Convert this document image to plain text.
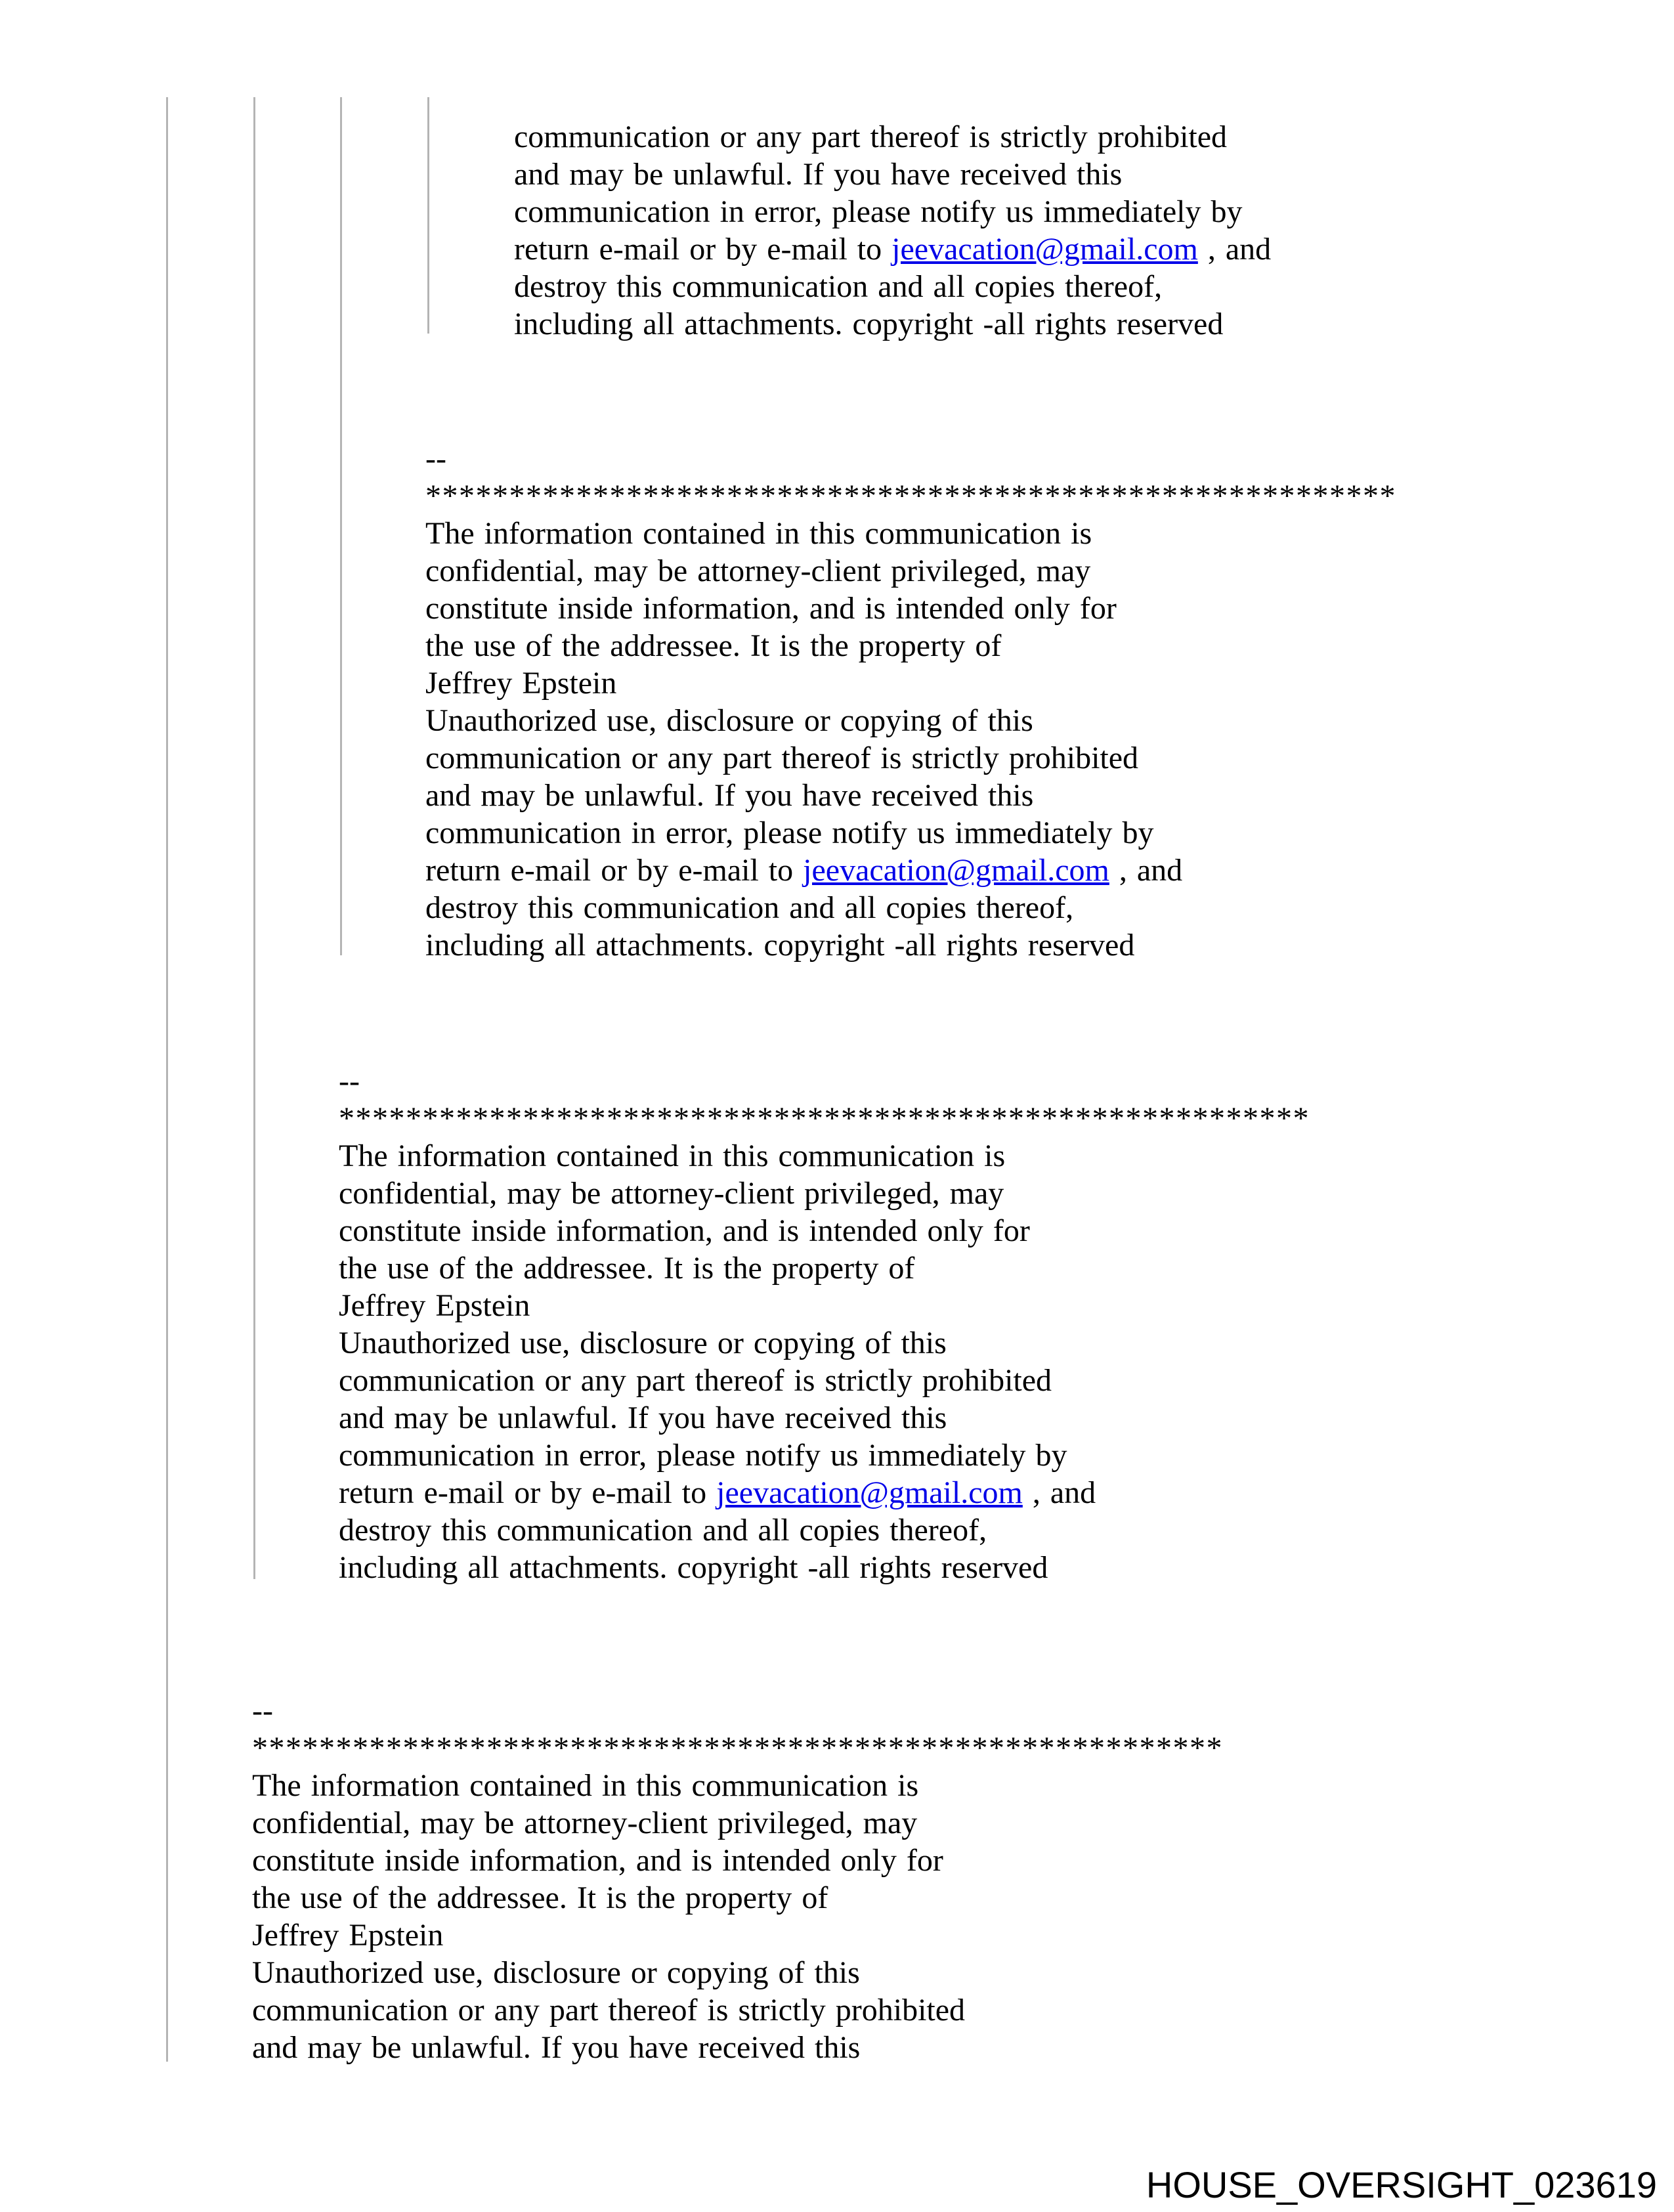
communication or any part thereof is strictly prohibited
and may be unlawful. If you have received this
communication in error, please notify us immediately by
return e-mail or by e-mail to jeevacation@gmail.com , and
destroy this communication and all copies thereof,
including all attachments. copyright -all rights reserved
--
**********************************************************
The information contained in this communication is
confidential, may be attorney-client privileged, may
constitute inside information, and is intended only for
the use of the addressee. It is the property of
Jeffrey Epstein
Unauthorized use, disclosure or copying of this
communication or any part thereof is strictly prohibited
and may be unlawful. If you have received this
communication in error, please notify us immediately by
return e-mail or by e-mail to jeevacation@gmail.com , and
destroy this communication and all copies thereof,
including all attachments. copyright -all rights reserved
--
**********************************************************
The information contained in this communication is
confidential, may be attorney-client privileged, may
constitute inside information, and is intended only for
the use of the addressee. It is the property of
Jeffrey Epstein
Unauthorized use, disclosure or copying of this
communication or any part thereof is strictly prohibited
and may be unlawful. If you have received this
communication in error, please notify us immediately by
return e-mail or by e-mail to jeevacation@gmail.com , and
destroy this communication and all copies thereof,
including all attachments. copyright -all rights reserved
--
**********************************************************
The information contained in this communication is
confidential, may be attorney-client privileged, may
constitute inside information, and is intended only for
the use of the addressee. It is the property of
Jeffrey Epstein
Unauthorized use, disclosure or copying of this
communication or any part thereof is strictly prohibited
and may be unlawful. If you have received this
HOUSE_OVERSIGHT_023619
